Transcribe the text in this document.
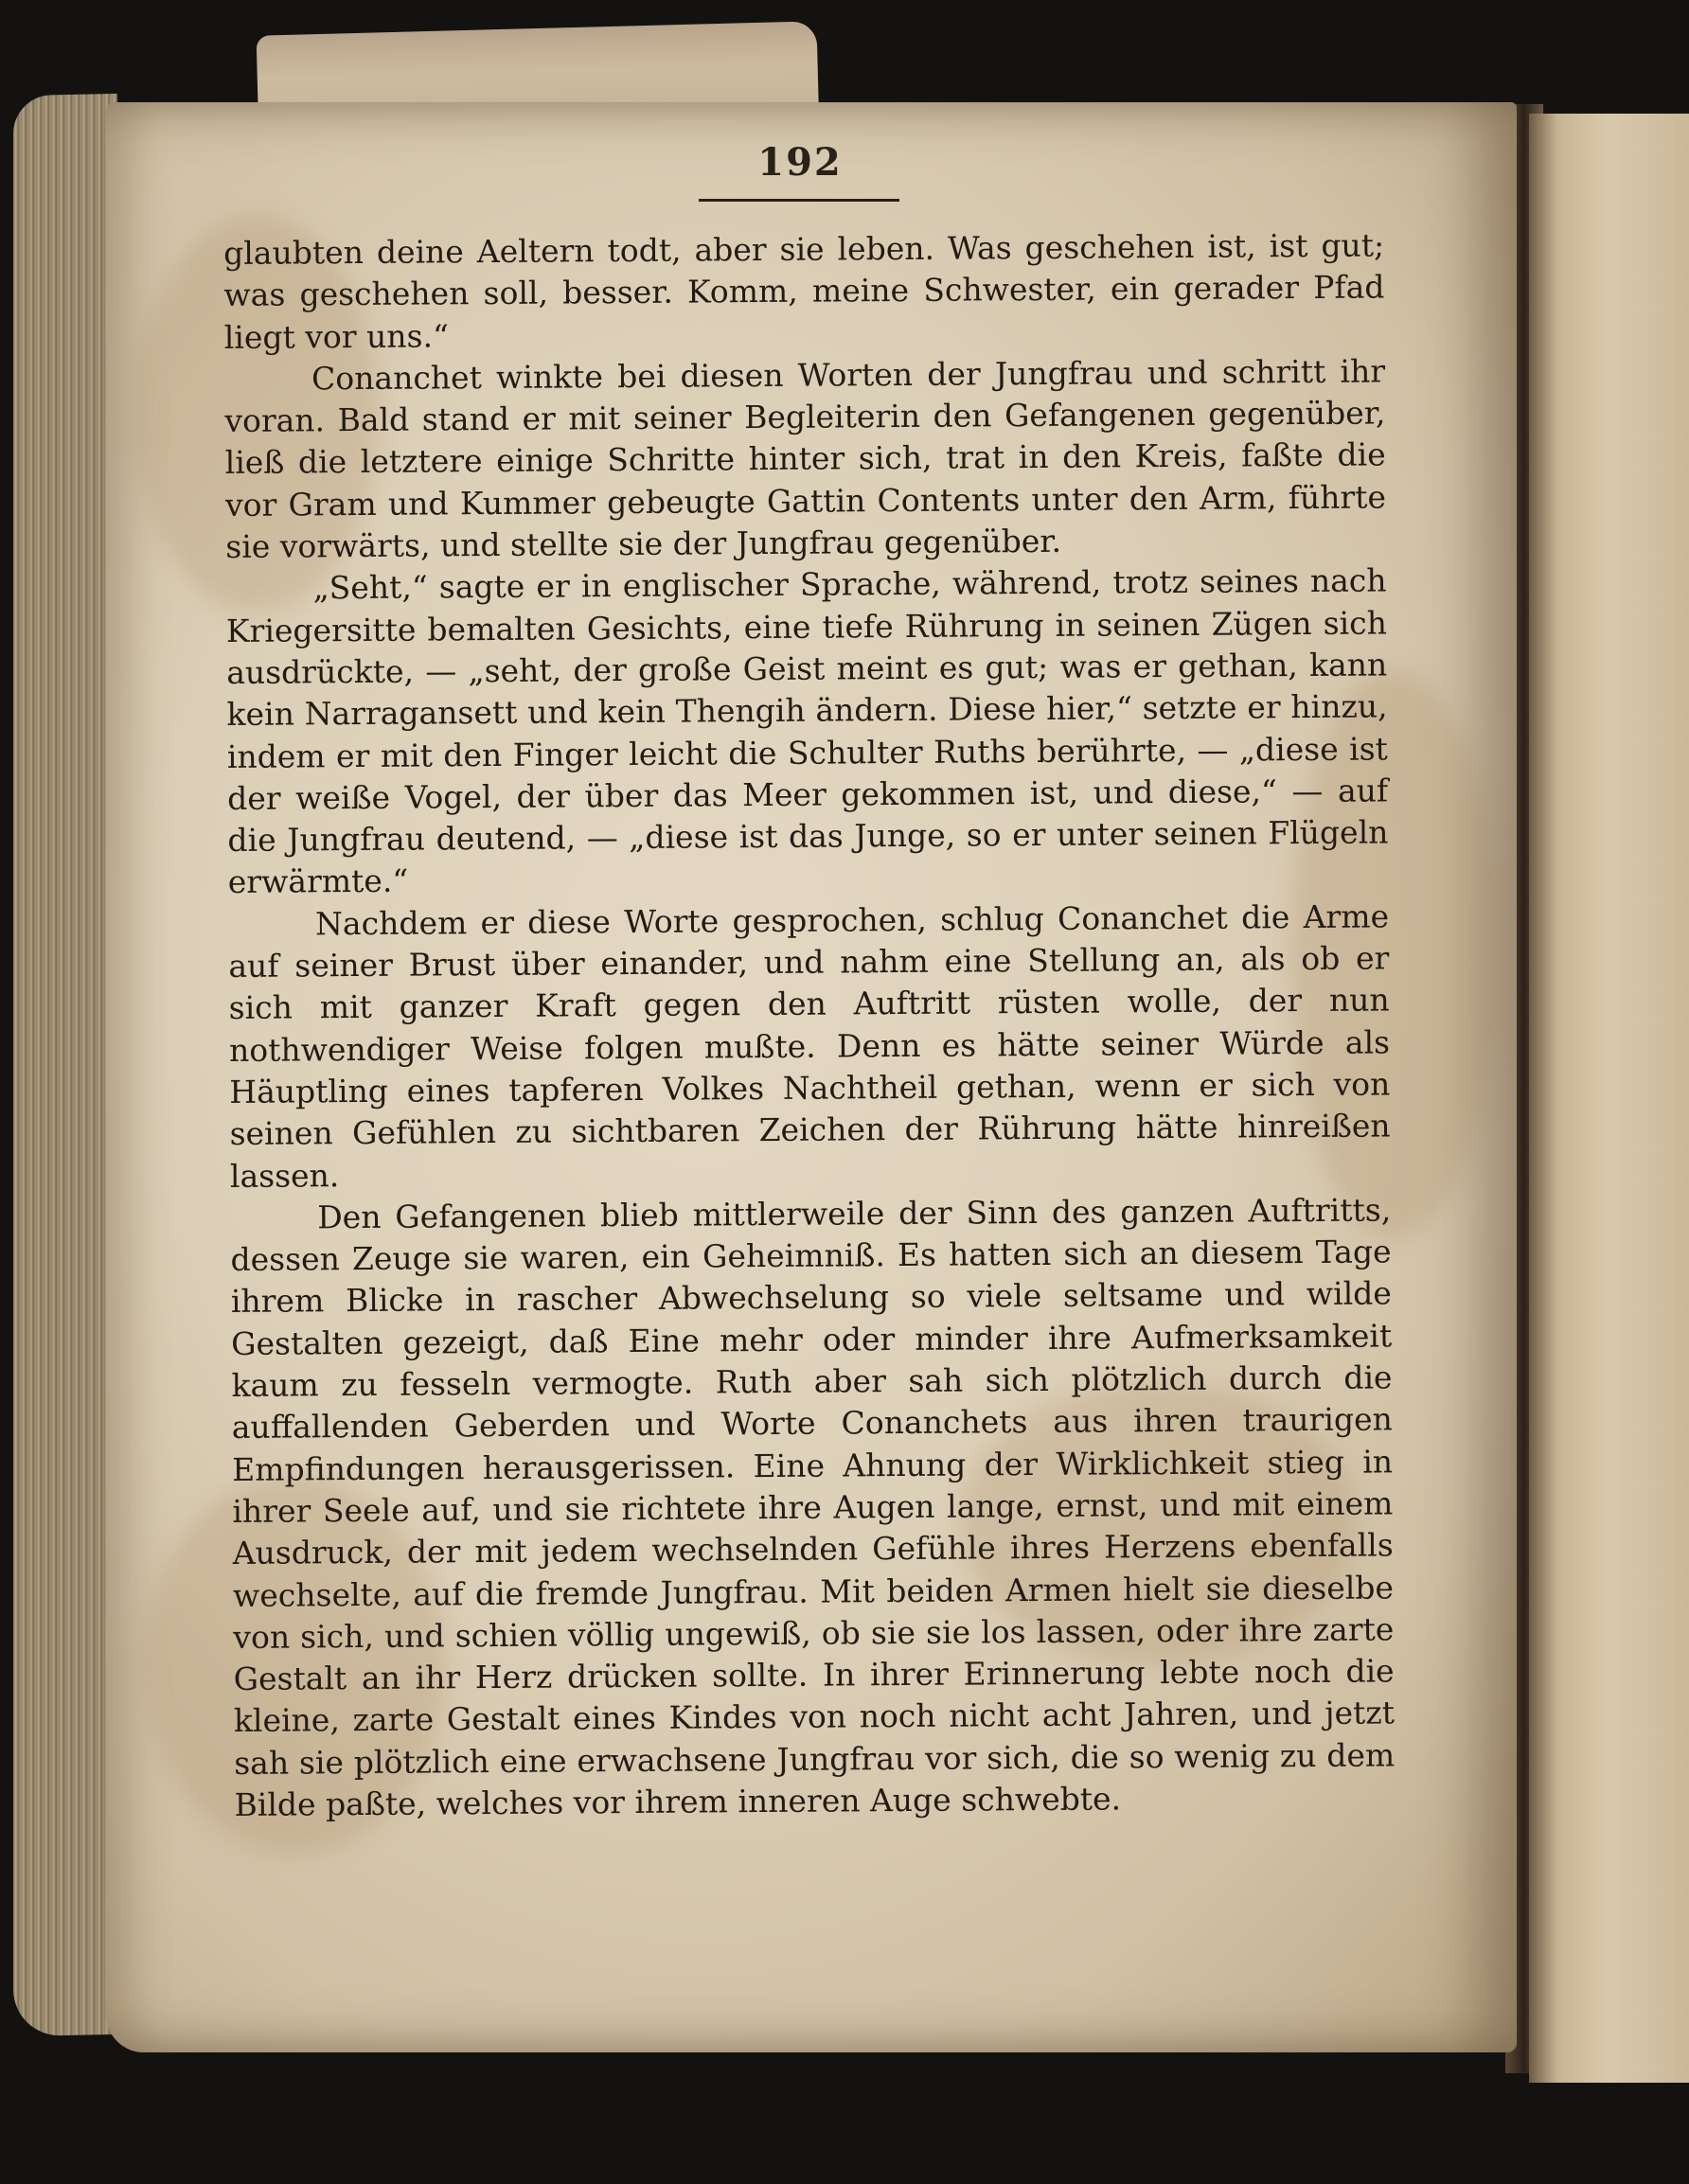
192

glaubten deine Aeltern todt, aber sie leben. Was geschehen ist, ist gut; was geschehen soll, besser. Komm, meine Schwester, ein gerader Pfad liegt vor uns.“

Conanchet winkte bei diesen Worten der Jungfrau und schritt ihr voran. Bald stand er mit seiner Begleiterin den Gefangenen gegenüber, ließ die letztere einige Schritte hinter sich, trat in den Kreis, faßte die vor Gram und Kummer gebeugte Gattin Contents unter den Arm, führte sie vorwärts, und stellte sie der Jungfrau gegenüber.

„Seht,“ sagte er in englischer Sprache, während, trotz seines nach Kriegersitte bemalten Gesichts, eine tiefe Rührung in seinen Zügen sich ausdrückte, — „seht, der große Geist meint es gut; was er gethan, kann kein Narragansett und kein Thengih ändern. Diese hier,“ setzte er hinzu, indem er mit den Finger leicht die Schulter Ruths berührte, — „diese ist der weiße Vogel, der über das Meer gekommen ist, und diese,“ — auf die Jungfrau deutend, — „diese ist das Junge, so er unter seinen Flügeln erwärmte.“

Nachdem er diese Worte gesprochen, schlug Conanchet die Arme auf seiner Brust über einander, und nahm eine Stellung an, als ob er sich mit ganzer Kraft gegen den Auftritt rüsten wolle, der nun nothwendiger Weise folgen mußte. Denn es hätte seiner Würde als Häuptling eines tapferen Volkes Nachtheil gethan, wenn er sich von seinen Gefühlen zu sichtbaren Zeichen der Rührung hätte hinreißen lassen.

Den Gefangenen blieb mittlerweile der Sinn des ganzen Auftritts, dessen Zeuge sie waren, ein Geheimniß. Es hatten sich an diesem Tage ihrem Blicke in rascher Abwechselung so viele seltsame und wilde Gestalten gezeigt, daß Eine mehr oder minder ihre Aufmerksamkeit kaum zu fesseln vermogte. Ruth aber sah sich plötzlich durch die auffallenden Geberden und Worte Conanchets aus ihren traurigen Empfindungen herausgerissen. Eine Ahnung der Wirklichkeit stieg in ihrer Seele auf, und sie richtete ihre Augen lange, ernst, und mit einem Ausdruck, der mit jedem wechselnden Gefühle ihres Herzens ebenfalls wechselte, auf die fremde Jungfrau. Mit beiden Armen hielt sie dieselbe von sich, und schien völlig ungewiß, ob sie sie los lassen, oder ihre zarte Gestalt an ihr Herz drücken sollte. In ihrer Erinnerung lebte noch die kleine, zarte Gestalt eines Kindes von noch nicht acht Jahren, und jetzt sah sie plötzlich eine erwachsene Jungfrau vor sich, die so wenig zu dem Bilde paßte, welches vor ihrem inneren Auge schwebte.
